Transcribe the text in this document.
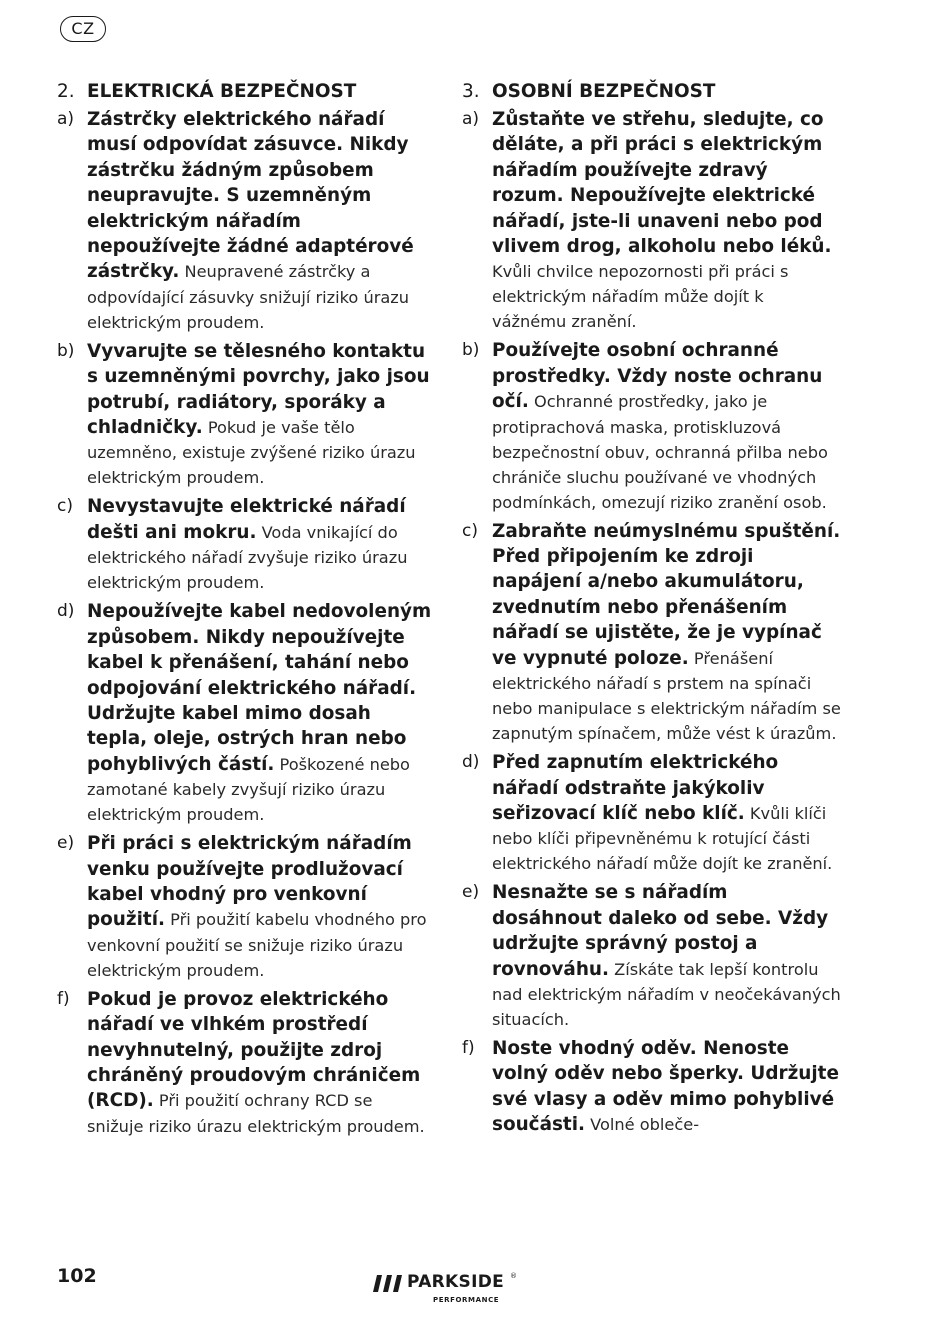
CZ
2. ELEKTRICKÁ BEZPEČNOST
a) Zástrčky elektrického nářadí musí odpovídat zásuvce. Nikdy zástrčku žádným způsobem neupravujte. S uzemněným elektrickým nářadím nepoužívejte žádné adaptérové zástrčky. Neupravené zástrčky a odpovídající zásuvky snižují riziko úrazu elektrickým proudem.
b) Vyvarujte se tělesného kontaktu s uzemněnými povrchy, jako jsou potrubí, radiátory, sporáky a chladničky. Pokud je vaše tělo uzemněno, existuje zvýšené riziko úrazu elektrickým proudem.
c) Nevystavujte elektrické nářadí dešti ani mokru. Voda vnikající do elektrického nářadí zvyšuje riziko úrazu elektrickým proudem.
d) Nepoužívejte kabel nedovoleným způsobem. Nikdy nepoužívejte kabel k přenášení, tahání nebo odpojování elektrického nářadí. Udržujte kabel mimo dosah tepla, oleje, ostrých hran nebo pohyblivých částí. Poškozené nebo zamotané kabely zvyšují riziko úrazu elektrickým proudem.
e) Při práci s elektrickým nářadím venku používejte prodlužovací kabel vhodný pro venkovní použití. Při použití kabelu vhodného pro venkovní použití se snižuje riziko úrazu elektrickým proudem.
f) Pokud je provoz elektrického nářadí ve vlhkém prostředí nevyhnutelný, použijte zdroj chráněný proudovým chráničem (RCD). Při použití ochrany RCD se snižuje riziko úrazu elektrickým proudem.
3. OSOBNÍ BEZPEČNOST
a) Zůstaňte ve střehu, sledujte, co děláte, a při práci s elektrickým nářadím používejte zdravý rozum. Nepoužívejte elektrické nářadí, jste-li unaveni nebo pod vlivem drog, alkoholu nebo léků. Kvůli chvilce nepozornosti při práci s elektrickým nářadím může dojít k vážnému zranění.
b) Používejte osobní ochranné prostředky. Vždy noste ochranu očí. Ochranné prostředky, jako je protiprachová maska, protiskluzová bezpečnostní obuv, ochranná přilba nebo chrániče sluchu používané ve vhodných podmínkách, omezují riziko zranění osob.
c) Zabraňte neúmyslnému spuštění. Před připojením ke zdroji napájení a/nebo akumulátoru, zvednutím nebo přenášením nářadí se ujistěte, že je vypínač ve vypnuté poloze. Přenášení elektrického nářadí s prstem na spínači nebo manipulace s elektrickým nářadím se zapnutým spínačem, může vést k úrazům.
d) Před zapnutím elektrického nářadí odstraňte jakýkoliv seřizovací klíč nebo klíč. Kvůli klíči nebo klíči připevněnému k rotující části elektrického nářadí může dojít ke zranění.
e) Nesnažte se s nářadím dosáhnout daleko od sebe. Vždy udržujte správný postoj a rovnováhu. Získáte tak lepší kontrolu nad elektrickým nářadím v neočekávaných situacích.
f) Noste vhodný oděv. Nenoste volný oděv nebo šperky. Udržujte své vlasy a oděv mimo pohyblivé součásti. Volné obleče-
102	PARKSIDE ®
PERFORMANCE
